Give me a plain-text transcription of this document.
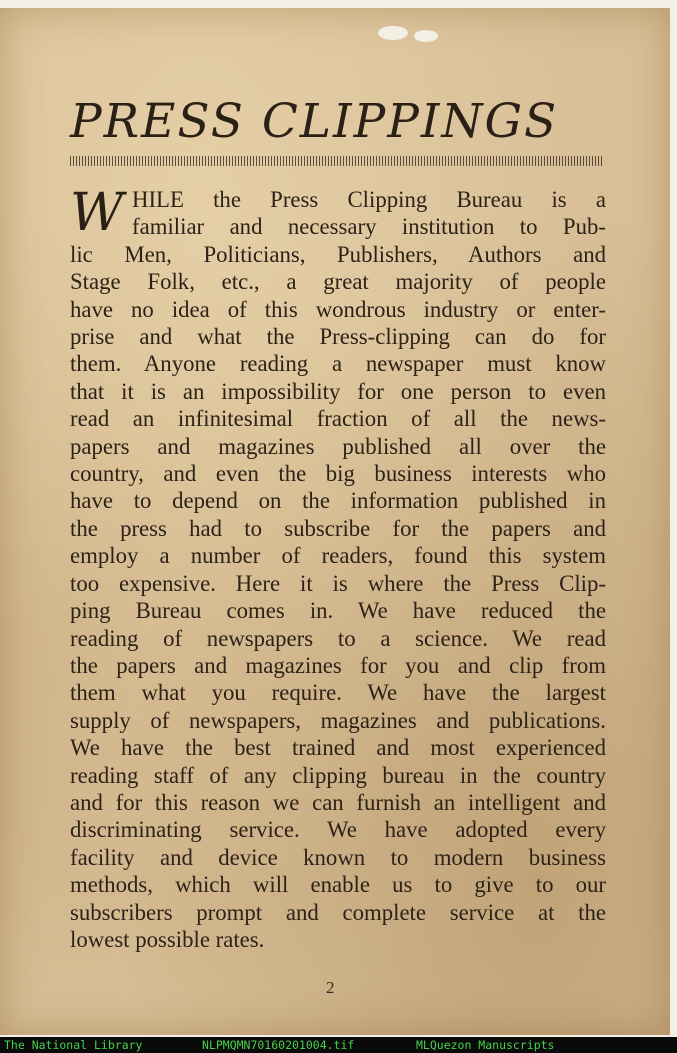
PRESS CLIPPINGS
W HILE the Press Clipping Bureau is a
familiar and necessary institution to Pub-
lic Men, Politicians, Publishers, Authors and
Stage Folk, etc., a great majority of people
have no idea of this wondrous industry or enter-
prise and what the Press-clipping can do for
them. Anyone reading a newspaper must know
that it is an impossibility for one person to even
read an infinitesimal fraction of all the news-
papers and magazines published all over the
country, and even the big business interests who
have to depend on the information published in
the press had to subscribe for the papers and
employ a number of readers, found this system
too expensive. Here it is where the Press Clip-
ping Bureau comes in. We have reduced the
reading of newspapers to a science. We read
the papers and magazines for you and clip from
them what you require. We have the largest
supply of newspapers, magazines and publications.
We have the best trained and most experienced
reading staff of any clipping bureau in the country
and for this reason we can furnish an intelligent and
discriminating service. We have adopted every
facility and device known to modern business
methods, which will enable us to give to our
subscribers prompt and complete service at the
lowest possible rates.
2
The National Library	NLPMQMN70160201004.tif	MLQuezon Manuscripts
